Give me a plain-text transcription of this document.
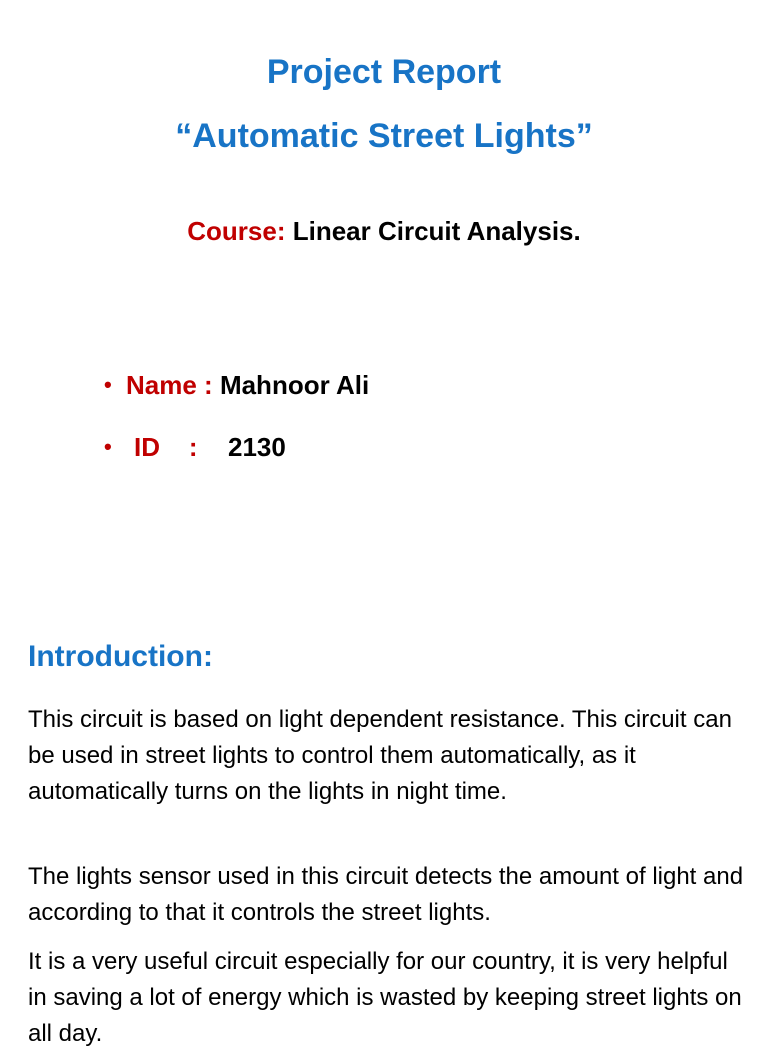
Project Report
“Automatic Street Lights”
Course: Linear Circuit Analysis.
• Name : Mahnoor Ali
• ID    : 2130
Introduction:

This circuit is based on light dependent resistance. This circuit can be used in street lights to control them automatically, as it automatically turns on the lights in night time.

The lights sensor used in this circuit detects the amount of light and according to that it controls the street lights.

It is a very useful circuit especially for our country, it is very helpful in saving a lot of energy which is wasted by keeping street lights on all day.
